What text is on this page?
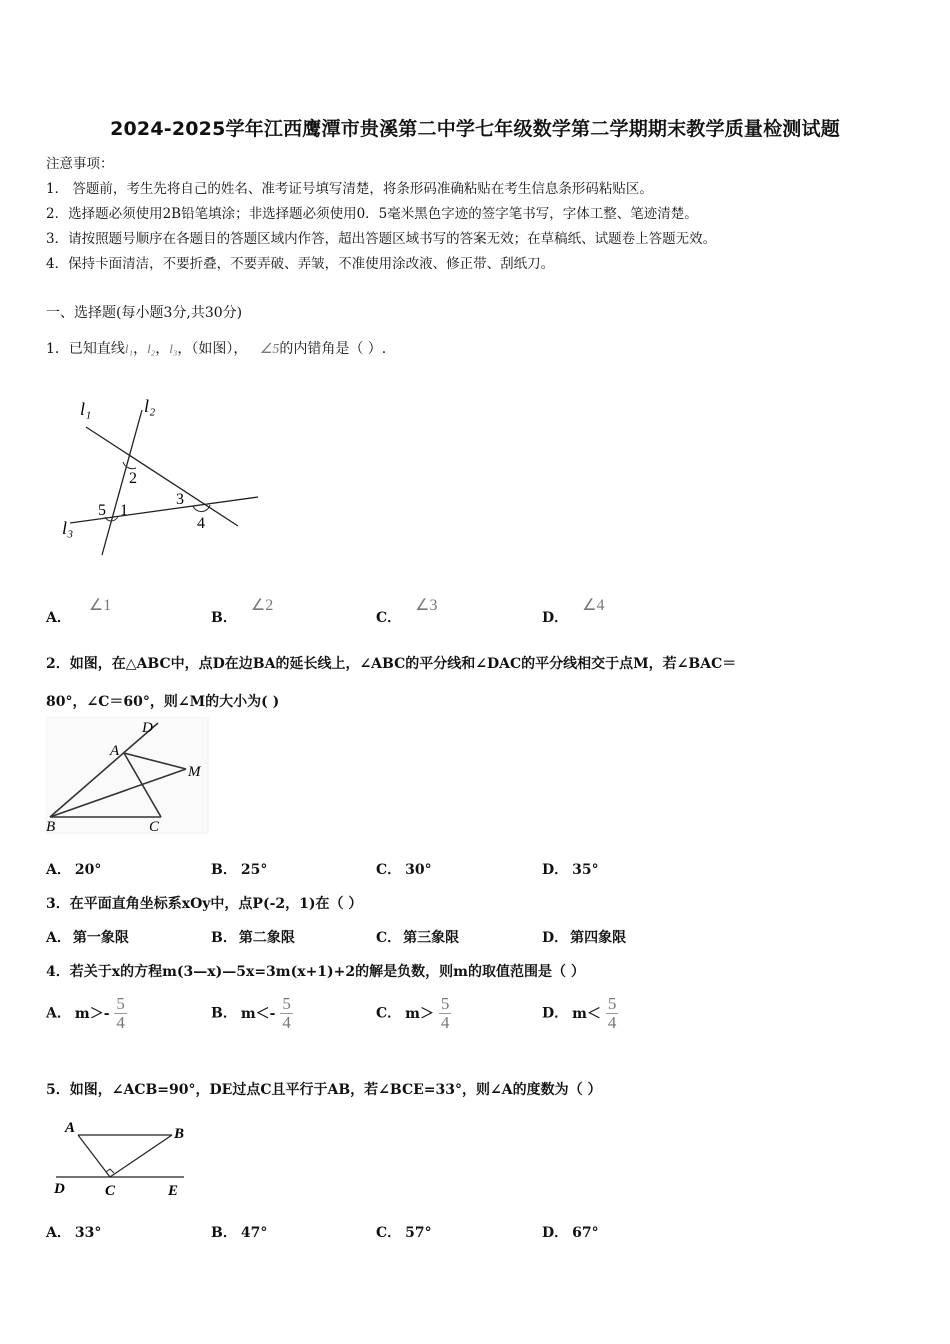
2024-2025学年江西鹰潭市贵溪第二中学七年级数学第二学期期末教学质量检测试题
注意事项：
1． 答题前，考生先将自己的姓名、准考证号填写清楚，将条形码准确粘贴在考生信息条形码粘贴区。
2．选择题必须使用2B铅笔填涂；非选择题必须使用0．5毫米黑色字迹的签字笔书写，字体工整、笔迹清楚。
3．请按照题号顺序在各题目的答题区域内作答，超出答题区域书写的答案无效；在草稿纸、试题卷上答题无效。
4．保持卡面清洁，不要折叠，不要弄破、弄皱，不准使用涂改液、修正带、刮纸刀。
一、选择题(每小题3分,共30分)
1．已知直线l₁，l₂，l₃，（如图）， ∠5的内错角是（ ）.
l₁	l₂
l₃
2
5 1
3
4
A．∠1
B．∠2
C．∠3
D．∠4
2．如图，在△ABC中，点D在边BA的延长线上，∠ABC的平分线和∠DAC的平分线相交于点M，若∠BAC＝
80°，∠C＝60°，则∠M的大小为( )
D
A
M
B	C
A． 20°	B． 25°	C． 30°	D． 35°
3．在平面直角坐标系xOy中，点P(-2，1)在（ ）
A． 第一象限	B． 第二象限	C． 第三象限	D． 第四象限
4．若关于x的方程m(3—x)—5x=3m(x+1)+2的解是负数，则m的取值范围是（ ）
A． $m>- \frac{5}{4}$	B． $m<- \frac{5}{4}$	C． $m> \frac{5}{4}$	D． $m< \frac{5}{4}$
5．如图，∠ACB=90°，DE过点C且平行于AB，若∠BCE=33°，则∠A的度数为（ ）
A	B
D	C	E
A． 33°	B． 47°	C． 57°	D． 67°
